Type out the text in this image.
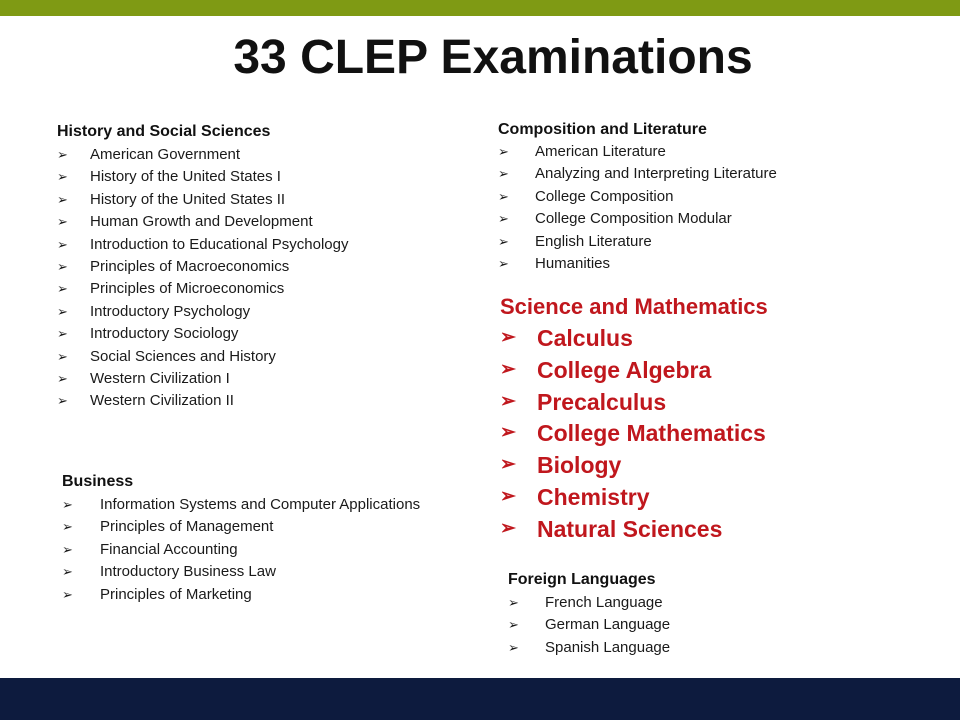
33 CLEP Examinations
History and Social Sciences
➢	American Government
➢	History of the United States I
➢	History of the United States II
➢	Human Growth and Development
➢	Introduction to Educational Psychology
➢	Principles of Macroeconomics
➢	Principles of Microeconomics
➢	Introductory Psychology
➢	Introductory Sociology
➢	Social Sciences and History
➢	Western Civilization I
➢	Western Civilization II
Composition and Literature
➢	American Literature
➢	Analyzing and Interpreting Literature
➢	College Composition
➢	College Composition Modular
➢	English Literature
➢	Humanities
Science and Mathematics
➢ Calculus
➢ College Algebra
➢ Precalculus
➢ College Mathematics
➢ Biology
➢ Chemistry
➢ Natural Sciences
Business
➢	Information Systems and Computer Applications
➢	Principles of Management
➢	Financial Accounting
➢	Introductory Business Law
➢	Principles of Marketing
Foreign Languages
➢	French Language
➢	German Language
➢	Spanish Language
